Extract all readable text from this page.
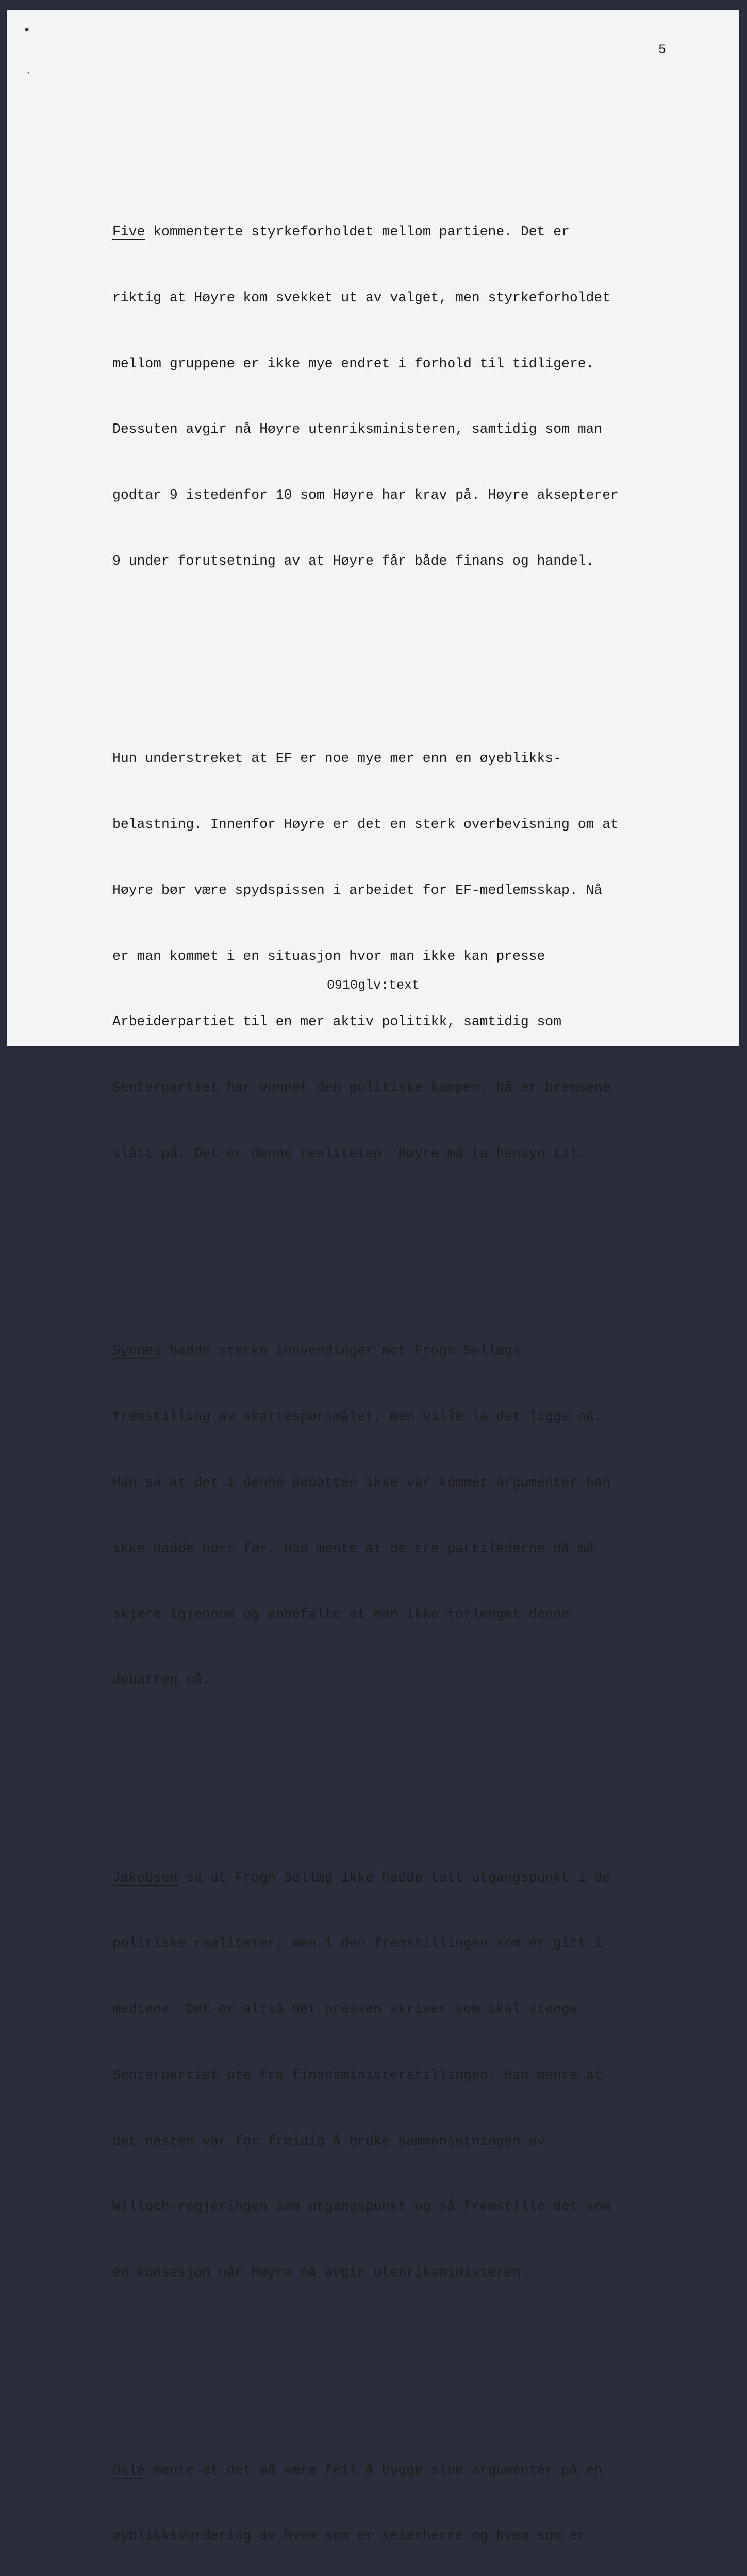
•
ʾ
5

Five kommenterte styrkeforholdet mellom partiene. Det er

riktig at Høyre kom svekket ut av valget, men styrkeforholdet

mellom gruppene er ikke mye endret i forhold til tidligere.

Dessuten avgir nå Høyre utenriksministeren, samtidig som man

godtar 9 istedenfor 10 som Høyre har krav på. Høyre aksepterer

9 under forutsetning av at Høyre får både finans og handel.

Hun understreket at EF er noe mye mer enn en øyeblikks-

belastning. Innenfor Høyre er det en sterk overbevisning om at

Høyre bør være spydspissen i arbeidet for EF-medlemsskap. Nå

er man kommet i en situasjon hvor man ikke kan presse

Arbeiderpartiet til en mer aktiv politikk, samtidig som

Senterpartiet har vunnet den politiske kampen. Nå er bremsene

slått på. Det er denne realiteten  Høyre må ta hensyn til.

Synnes hadde sterke innvendinger mot Frogn Sellægs

fremstilling av skattespørsmålet, men ville la det ligge nå.

Han sa at det i denne debatten ikke var kommet argumenter han

ikke hadde hørt før. Han mente at de tre partilederne nå må

skjære igjennom og anbefalte at man ikke forlenget denne

debatten nå.

Jakobsen sa at Frogn Sellæg ikke hadde tatt utgangspunkt i de

politiske realiteter, men i den fremstillingen som er gitt i

mediene. Det er altså det pressen skriver som skal stenge

Senterpartiet ute fra finansministerstillingen. Han mente at

det nesten var for freidig å bruke sammensetningen av

Willoch-regjeringen som utgangspunkt og så fremstille det som

en konsesjon når Høyre nå avgir utenriksministeren.

Dale mente at det må være feil å bygge sine argumenter på en

øyblikksvurdering av hvem som er seierherre og hvem som er

0910glv:text
